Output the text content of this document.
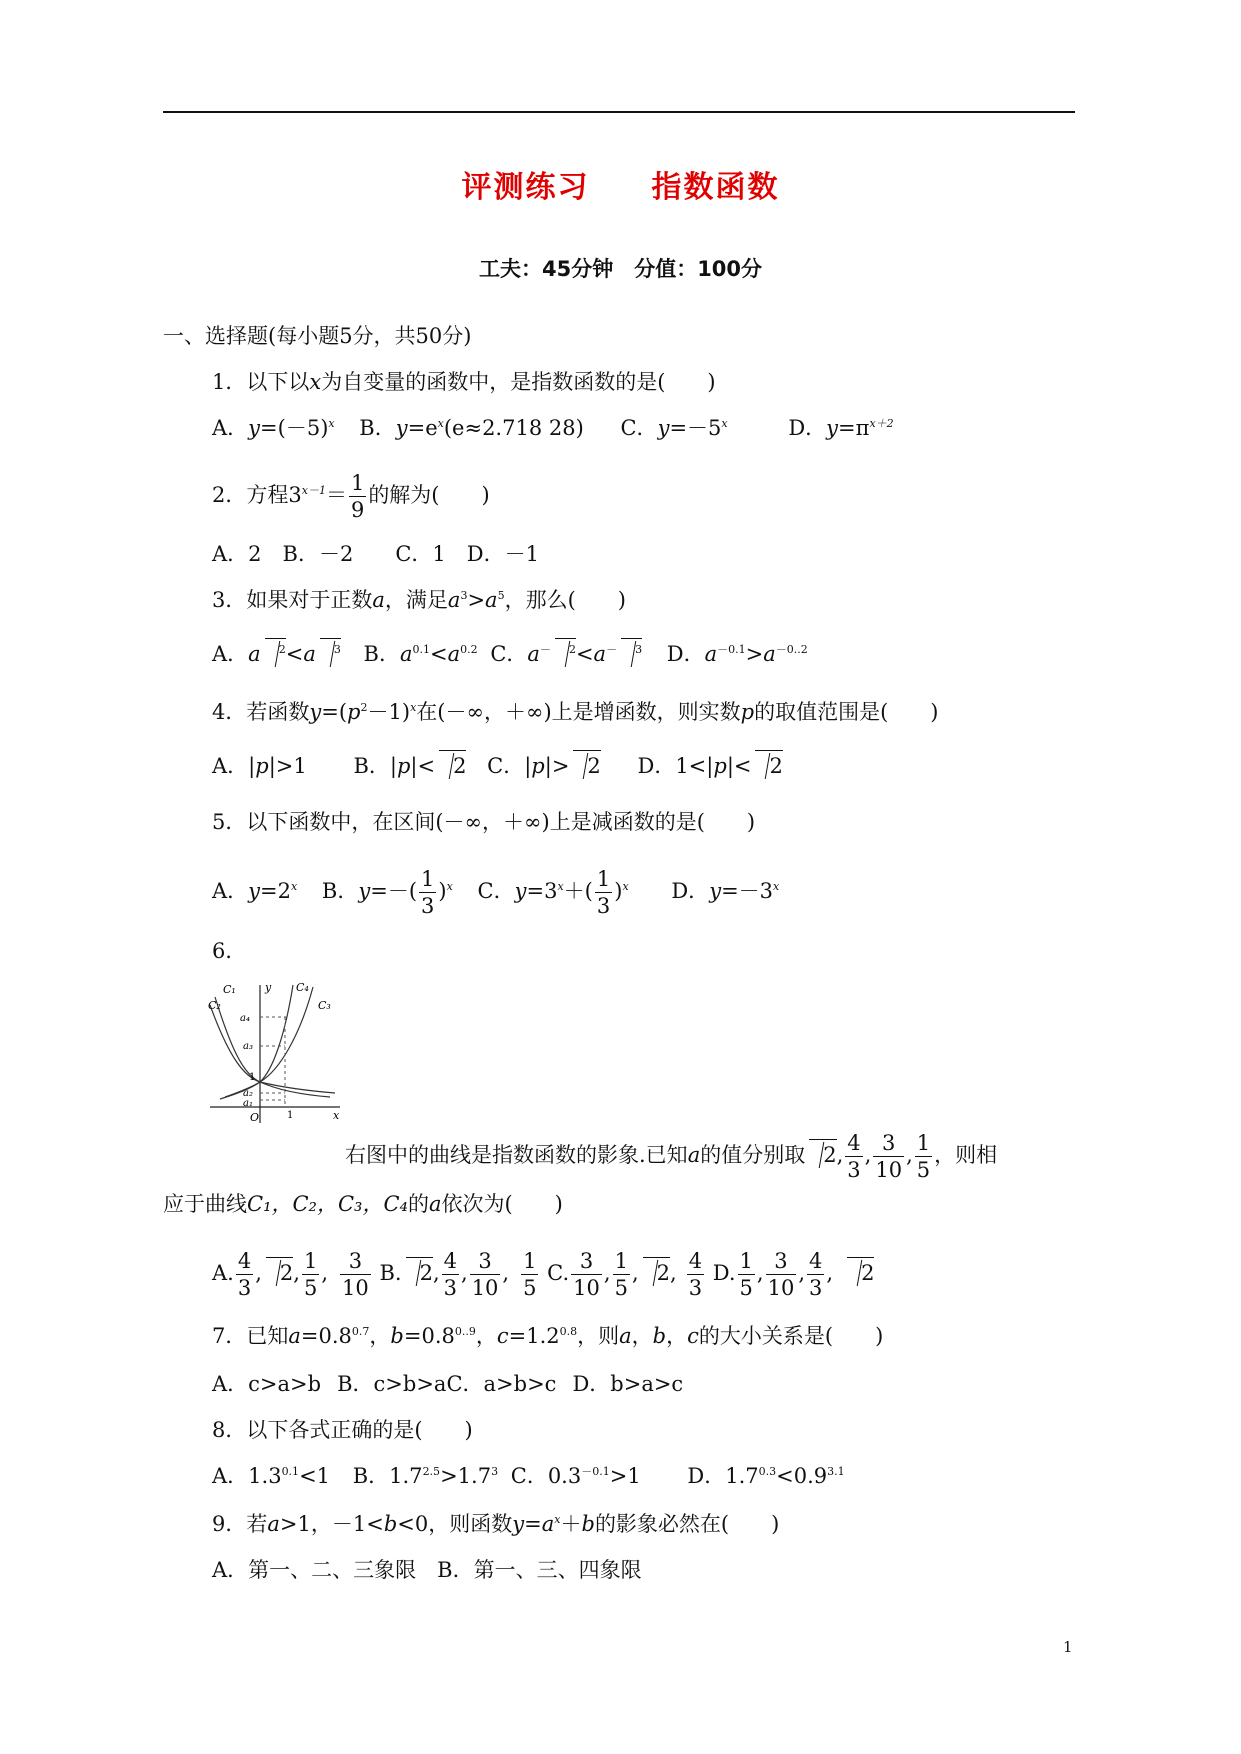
评测练习 指数函数
工夫：45分钟　分值：100分
一、选择题(每小题5分，共50分)
1．以下以x为自变量的函数中，是指数函数的是(　　)
A．$y=(-5)^x$ B．$y=e^x(e\approx 2.718$ 28) C．$y=-5^x$	D．$y=\pi^{x+2}$
2．方程$3^{x-1}= \frac{1}{9}$ 的解为(　　)
A．2　B．－2　　C．1　D．－1
3．如果对于正数a，满足$a^3>a^5$，那么(　　)
A．a $^2$<a $^3$ B．$a^{0.1}<a^{0.2}$ C．a－ $^2$<a－ $^3$ D．$a^{-0.1}>a^{-0..2}$
4．若函数$y=(p^2-1)^x$在(－∞，＋∞)上是增函数，则实数p的取值范围是(　　)
A．|p|>1 B．|p|< 2 C．|p|> 2 D．1<|p|< 2
5．以下函数中，在区间(－∞，＋∞)上是减函数的是(　　)
A．$y=2^x$ B．$y=-( \frac{1}{3} )^x$ C．$y=3^x+( \frac{1}{3} )^x$ D．$y=-3^x$
6．
C₁
C₂	C₃
C₄
y
x
O	1
a₄
a₃
a₂
a₁
1
右图中的曲线是指数函数的影象.已知a的值分别取 2, $\frac{4}{3}$ , $\frac{3}{10}$ , $\frac{1}{5}$ ，则相
应于曲线C₁，C₂，C₃，C₄的a依次为(　　)
A. $\frac{4}{3}$ , 2, $\frac{1}{5}$ , $\frac{3}{10} B$. 2, $\frac{4}{3}$ , $\frac{3}{10}$ , $\frac{1}{5} C$. $\frac{3}{10}$ , $\frac{1}{5}$ , 2, $\frac{4}{3} D$. $\frac{1}{5}$ , $\frac{3}{10}$ , $\frac{4}{3}$ , 2
7．已知$a=0.8^{0.7}$，$b=0.8^{0..9}$，$c=1.2^{0.8}$，则a，b，c的大小关系是(　　)
A．c>a>b B．c>b>aC．a>b>c D．b>a>c
8．以下各式正确的是(　　)
A．$1.3^{0.1}<1$ B．$1.7^{2.5}>1.7^3$ C．$0.3^{-0.1}>1$ D．$1.7^{0.3}<0.9^{3.1}$
9．若a>1，－1<b<0，则函数$y=a^x+b$的影象必然在(　　)
A．第一、二、三象限　B．第一、三、四象限
1
